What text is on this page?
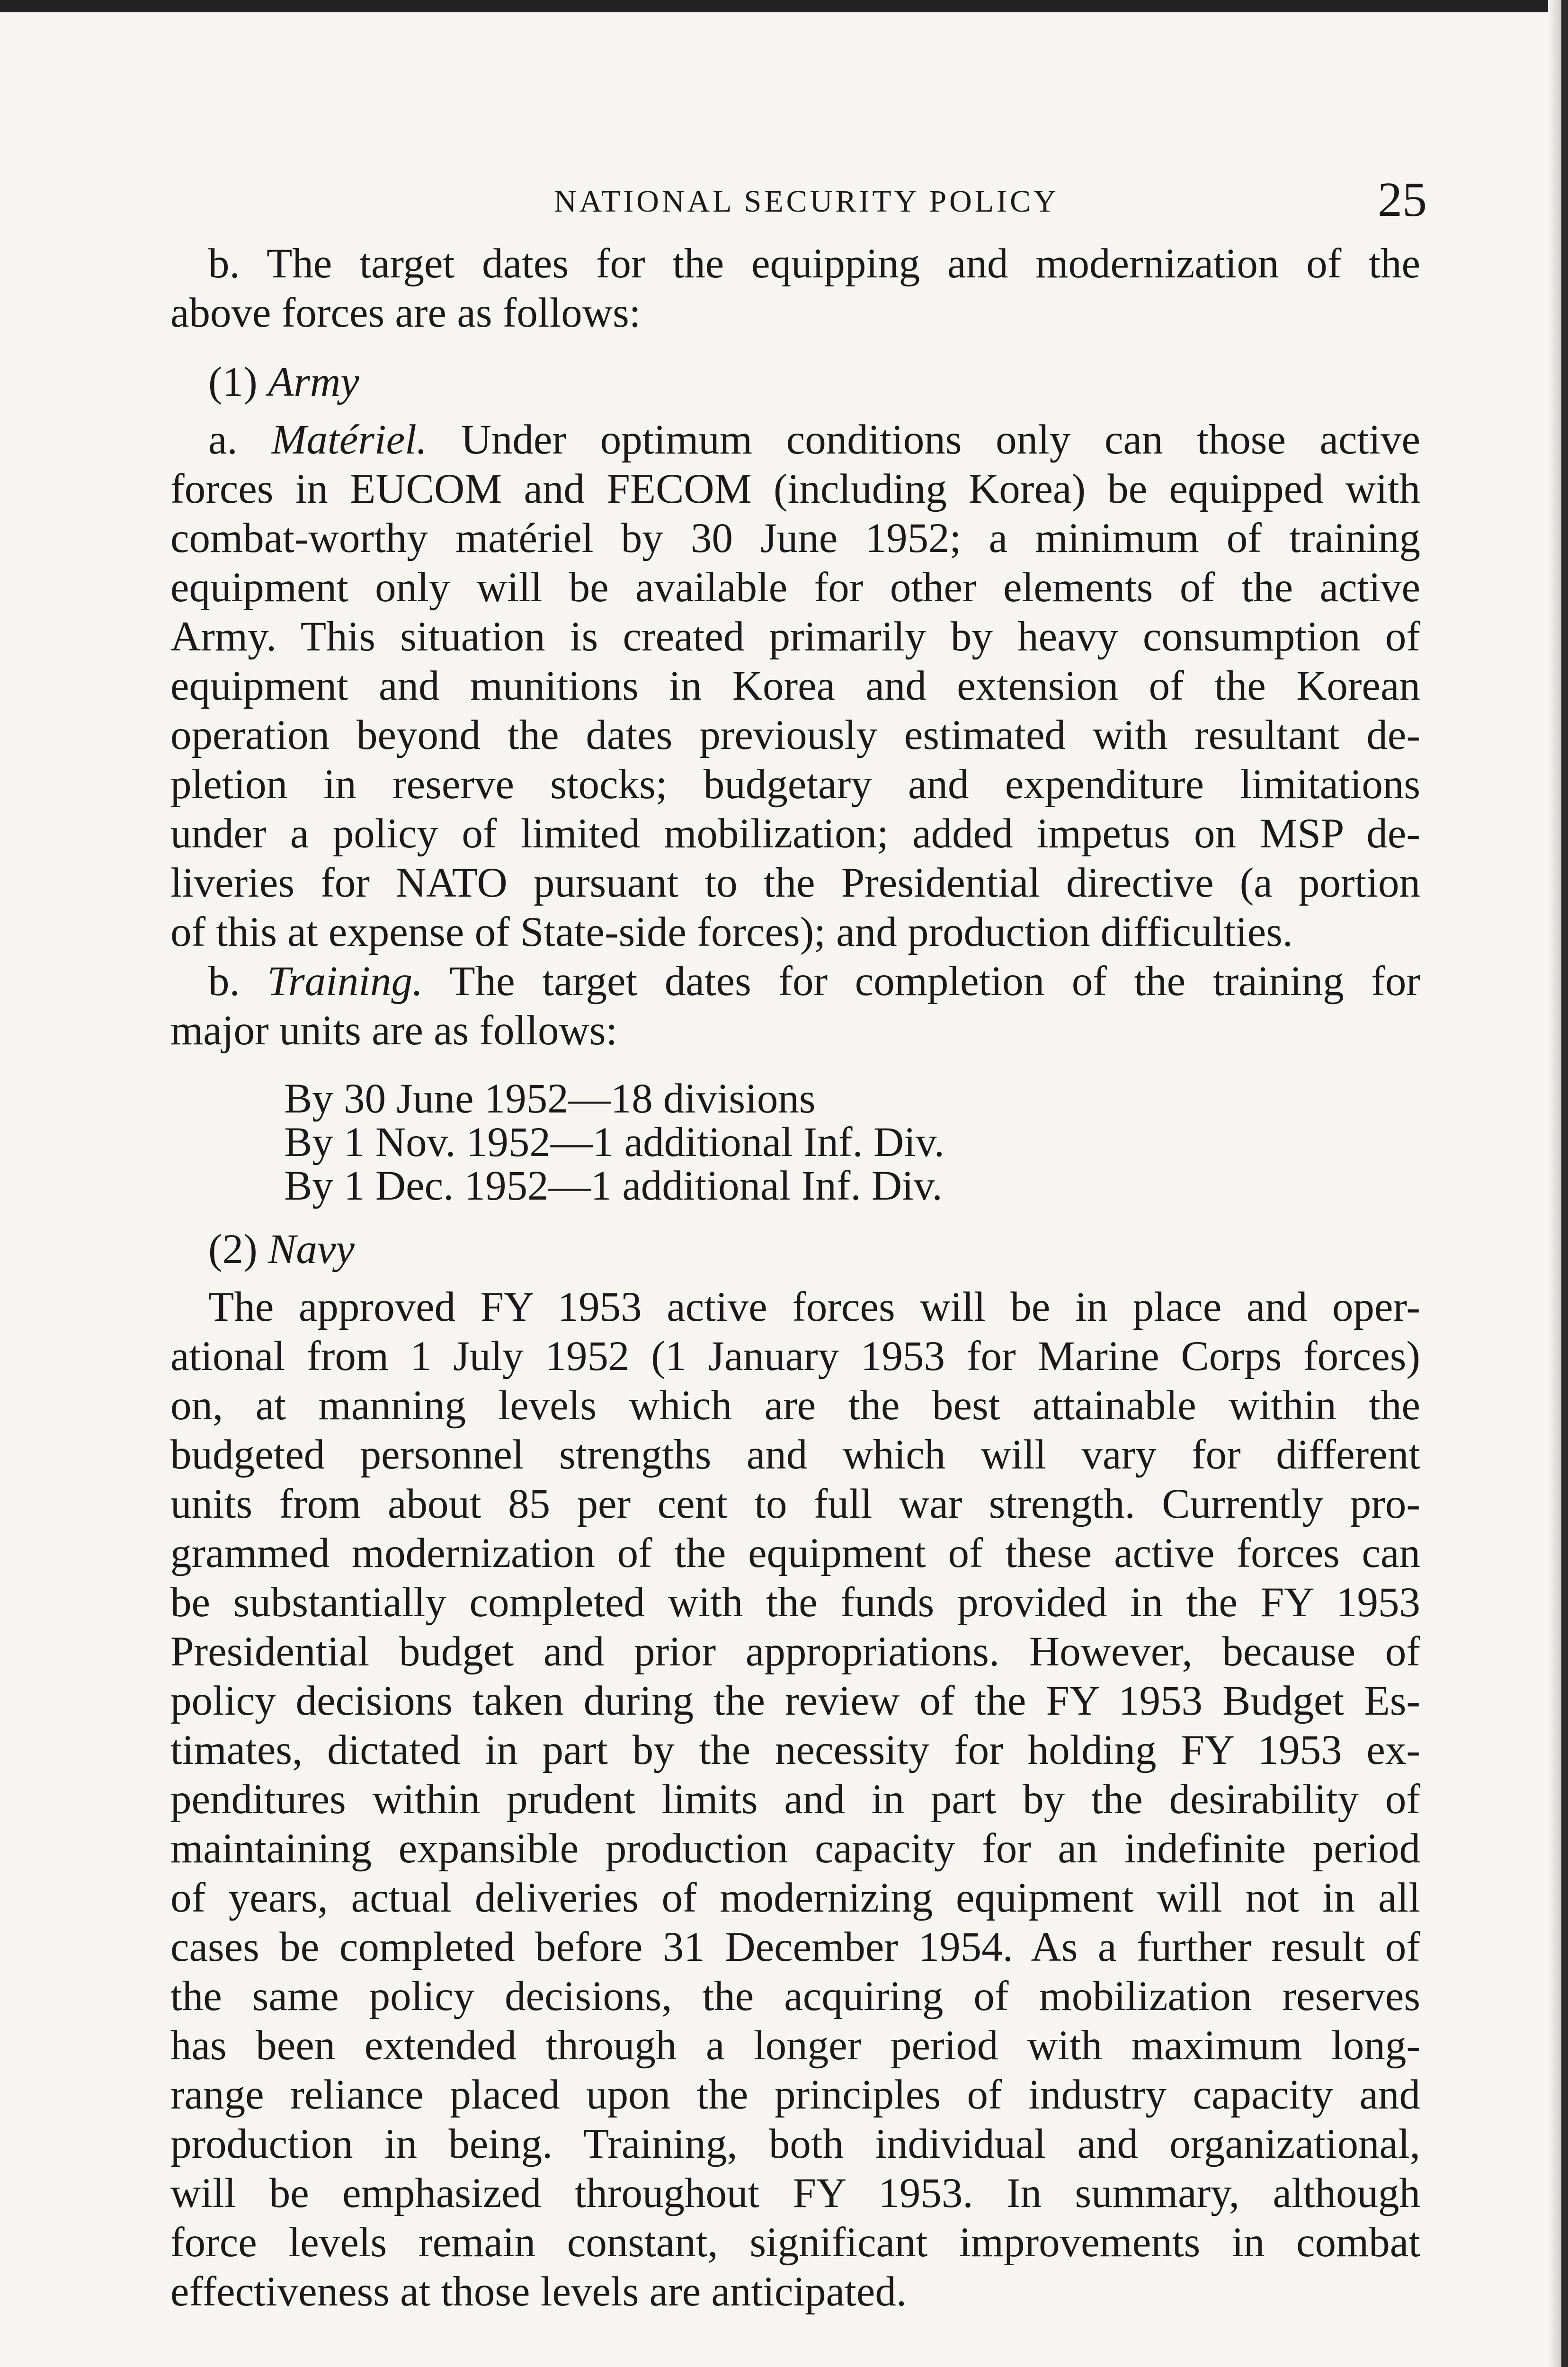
NATIONAL SECURITY POLICY	25
b. The target dates for the equipping and modernization of the
above forces are as follows:
(1) Army
a. Matériel. Under optimum conditions only can those active
forces in EUCOM and FECOM (including Korea) be equipped with
combat-worthy matériel by 30 June 1952; a minimum of training
equipment only will be available for other elements of the active
Army. This situation is created primarily by heavy consumption of
equipment and munitions in Korea and extension of the Korean
operation beyond the dates previously estimated with resultant de-
pletion in reserve stocks; budgetary and expenditure limitations
under a policy of limited mobilization; added impetus on MSP de-
liveries for NATO pursuant to the Presidential directive (a portion
of this at expense of State-side forces); and production difficulties.
b. Training. The target dates for completion of the training for
major units are as follows:
By 30 June 1952—18 divisions
By 1 Nov. 1952—1 additional Inf. Div.
By 1 Dec. 1952—1 additional Inf. Div.
(2) Navy
The approved FY 1953 active forces will be in place and oper-
ational from 1 July 1952 (1 January 1953 for Marine Corps forces)
on, at manning levels which are the best attainable within the
budgeted personnel strengths and which will vary for different
units from about 85 per cent to full war strength. Currently pro-
grammed modernization of the equipment of these active forces can
be substantially completed with the funds provided in the FY 1953
Presidential budget and prior appropriations. However, because of
policy decisions taken during the review of the FY 1953 Budget Es-
timates, dictated in part by the necessity for holding FY 1953 ex-
penditures within prudent limits and in part by the desirability of
maintaining expansible production capacity for an indefinite period
of years, actual deliveries of modernizing equipment will not in all
cases be completed before 31 December 1954. As a further result of
the same policy decisions, the acquiring of mobilization reserves
has been extended through a longer period with maximum long-
range reliance placed upon the principles of industry capacity and
production in being. Training, both individual and organizational,
will be emphasized throughout FY 1953. In summary, although
force levels remain constant, significant improvements in combat
effectiveness at those levels are anticipated.
